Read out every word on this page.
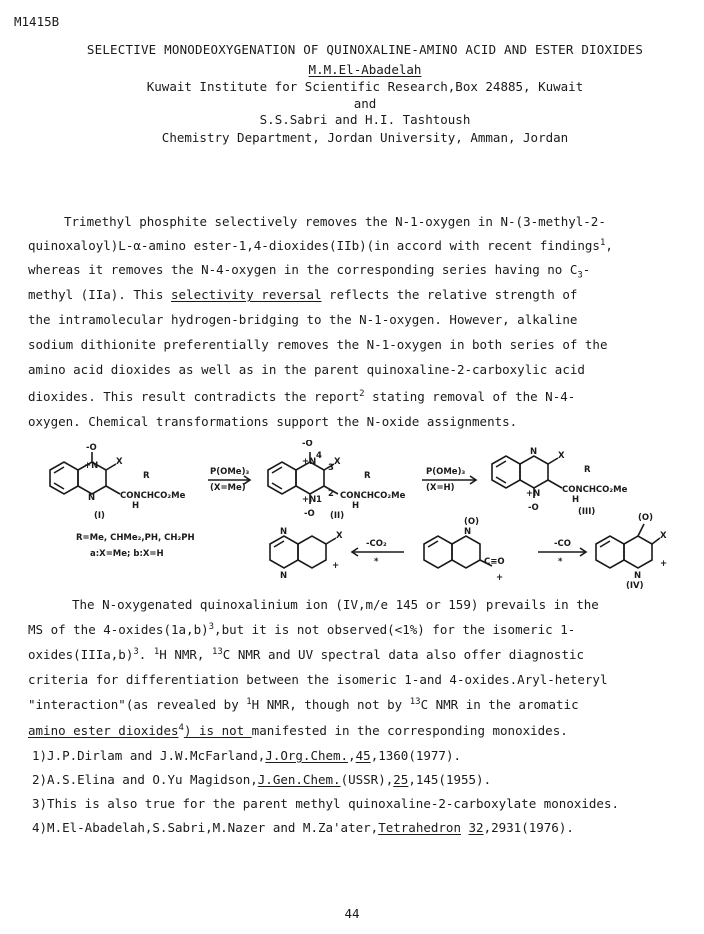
M1415B
SELECTIVE MONODEOXYGENATION OF QUINOXALINE-AMINO ACID AND ESTER DIOXIDES
M.M.El-Abadelah
Kuwait Institute for Scientific Research,Box 24885, Kuwait
and
S.S.Sabri and H.I. Tashtoush
Chemistry Department, Jordan University, Amman, Jordan
Trimethyl phosphite selectively removes the N-1-oxygen in N-(3-methyl-2-
quinoxaloyl)L-α-amino ester-1,4-dioxides(IIb)(in accord with recent findings$^1$,
whereas it removes the N-4-oxygen in the corresponding series having no $C_3-$
methyl (IIa). This selectivity reversal reflects the relative strength of
the intramolecular hydrogen-bridging to the N-1-oxygen. However, alkaline
sodium dithionite preferentially removes the N-1-oxygen in both series of the
amino acid dioxides as well as in the parent quinoxaline-2-carboxylic acid
dioxides. This result contradicts the report$^2$ stating removal of the N-4-
oxygen. Chemical transformations support the N-oxide assignments.
-O
+N
N
X
R
CONCHCO₂Me
H
(I)
P(OMe)₃
(X=Me)
-O
+N
4
3
X
2
+N 1
-O
R
CONCHCO₂Me
H
(II)
P(OMe)₃
(X=H)
N X
+N
-O
R
CONCHCO₂Me
H
(III)
R=Me, CHMe₂,PH, CH₂PH
a:X=Me; b:X=H
N	X
N
+
-CO₂
*
(O)
N
C≡O
+
-CO
*
(O)
X
N
+
(IV)
The N-oxygenated quinoxalinium ion (IV,m/e 145 or 159) prevails in the
MS of the $4-oxides(1a,b)^3,but$ it is not observed(<1%) for the isomeric 1-
oxides(IIIa,b)$^3$. $^1$H NMR, $^{13}$C NMR and UV spectral data also offer diagnostic
criteria for differentiation between the isomeric 1-and 4-oxides.Aryl-heteryl
"interaction"(as revealed by $^1$H NMR, though not by $^{13}$C NMR in the aromatic
amino ester dioxides$^4$) is not manifested in the corresponding monoxides.
1)J.P.Dirlam and J.W.McFarland,J.Org.Chem.,45,1360(1977).
2)A.S.Elina and O.Yu Magidson,J.Gen.Chem.(USSR),25,145(1955).
3)This is also true for the parent methyl quinoxaline-2-carboxylate monoxides.
4)M.El-Abadelah,S.Sabri,M.Nazer and M.Za'ater,Tetrahedron 32,2931(1976).
44
